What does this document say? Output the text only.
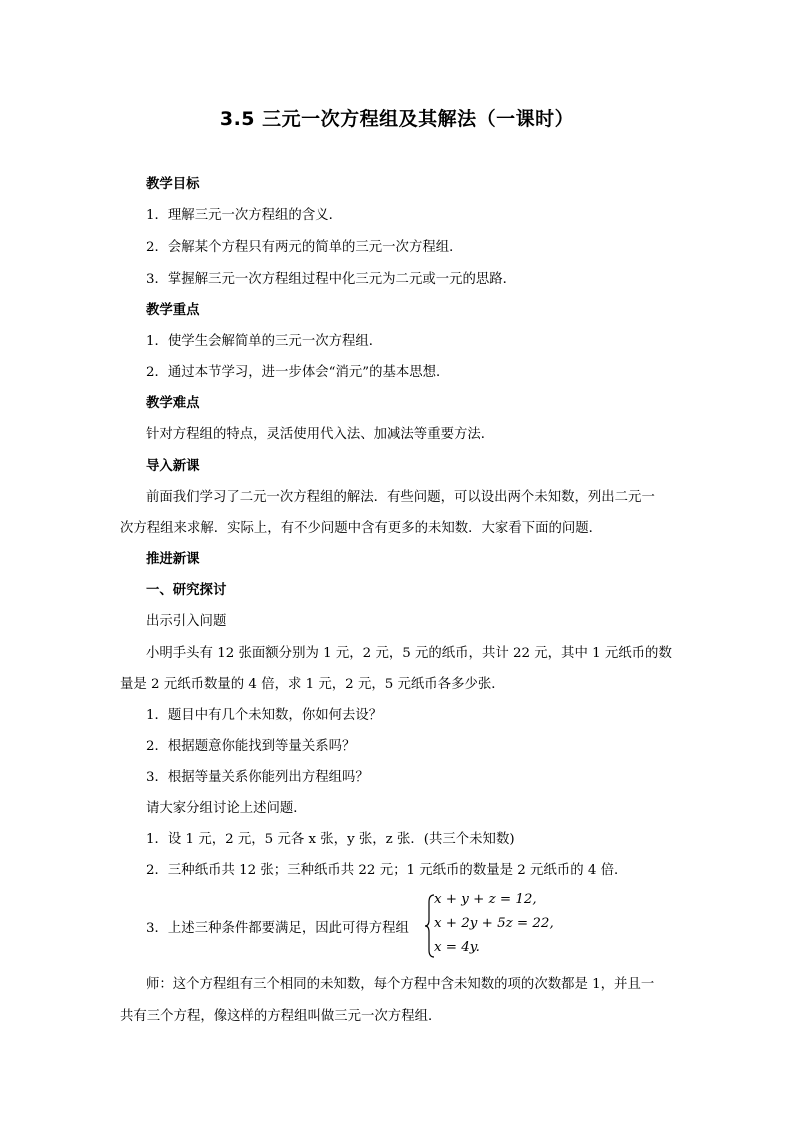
3.5 三元一次方程组及其解法（一课时）
教学目标
1．理解三元一次方程组的含义．
2．会解某个方程只有两元的简单的三元一次方程组．
3．掌握解三元一次方程组过程中化三元为二元或一元的思路．
教学重点
1．使学生会解简单的三元一次方程组．
2．通过本节学习，进一步体会“消元”的基本思想．
教学难点
针对方程组的特点，灵活使用代入法、加减法等重要方法．
导入新课
前面我们学习了二元一次方程组的解法．有些问题，可以设出两个未知数，列出二元一
次方程组来求解．实际上，有不少问题中含有更多的未知数．大家看下面的问题．
推进新课
一、研究探讨
出示引入问题
小明手头有 12 张面额分别为 1 元，2 元，5 元的纸币，共计 22 元，其中 1 元纸币的数
量是 2 元纸币数量的 4 倍，求 1 元，2 元，5 元纸币各多少张．
1．题目中有几个未知数，你如何去设？
2．根据题意你能找到等量关系吗？
3．根据等量关系你能列出方程组吗？
请大家分组讨论上述问题．
1．设 1 元，2 元，5 元各 x 张，y 张，z 张．(共三个未知数)
2．三种纸币共 12 张；三种纸币共 22 元；1 元纸币的数量是 2 元纸币的 4 倍．
3．上述三种条件都要满足，因此可得方程组
x + y + z = 12,
x + 2y + 5z = 22,
x = 4y.
师：这个方程组有三个相同的未知数，每个方程中含未知数的项的次数都是 1，并且一
共有三个方程，像这样的方程组叫做三元一次方程组．
